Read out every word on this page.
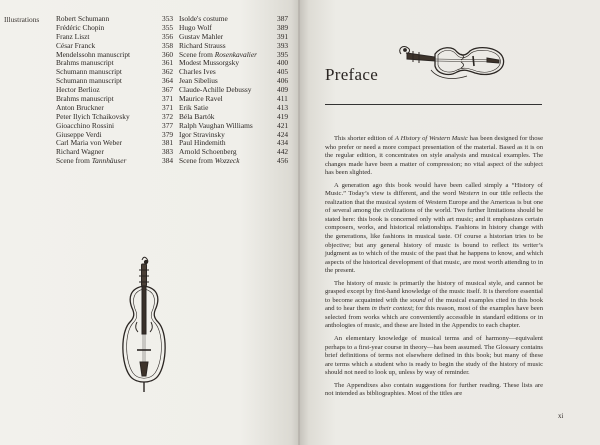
Illustrations Robert Schumann	353
Frédéric Chopin	355
Franz Liszt	356
César Franck	358
Mendelssohn manuscript	360
Brahms manuscript	361
Schumann manuscript	362
Schumann manuscript	364
Hector Berlioz	367
Brahms manuscript	371
Anton Bruckner	371
Peter Ilyich Tchaikovsky	372
Gioacchino Rossini	377
Giuseppe Verdi	379
Carl Maria von Weber	381
Richard Wagner	383
Scene from Tannhäuser	384
Isolde's costume	387
Hugo Wolf	389
Gustav Mahler	391
Richard Strauss	393
Scene from Rosenkavalier	395
Modest Mussorgsky	400
Charles Ives	405
Jean Sibelius	406
Claude-Achille Debussy	409
Maurice Ravel	411
Erik Satie	413
Béla Bartók	419
Ralph Vaughan Williams	421
Igor Stravinsky	424
Paul Hindemith	434
Arnold Schoenberg	442
Scene from Wozzeck	456
Preface

This shorter edition of A History of Western Music has been designed for those who prefer or need a more compact presentation of the material. Based as it is on the regular edition, it concentrates on style analysis and musical examples. The changes made have been a matter of compression; no vital aspect of the subject has been slighted.

A generation ago this book would have been called simply a “History of Music.” Today’s view is different, and the word Western in our title reflects the realization that the musical system of Western Europe and the Americas is but one of several among the civilizations of the world. Two further limitations should be stated here: this book is concerned only with art music; and it emphasizes certain composers, works, and historical relationships. Fashions in history change with the generations, like fashions in musical taste. Of course a historian tries to be objective; but any general history of music is bound to reflect its writer’s judgment as to which of the music of the past that he happens to know, and which aspects of the historical development of that music, are most worth attending to in the present.

The history of music is primarily the history of musical style, and cannot be grasped except by first-hand knowledge of the music itself. It is therefore essential to become acquainted with the sound of the musical examples cited in this book and to hear them in their context; for this reason, most of the examples have been selected from works which are conveniently accessible in standard editions or in anthologies of music, and these are listed in the Appendix to each chapter.

An elementary knowledge of musical terms and of harmony—equivalent perhaps to a first-year course in theory—has been assumed. The Glossary contains brief definitions of terms not elsewhere defined in this book; but many of these are terms which a student who is ready to begin the study of the history of music should not need to look up, unless by way of reminder.

The Appendixes also contain suggestions for further reading. These lists are not intended as bibliographies. Most of the titles are

xi
